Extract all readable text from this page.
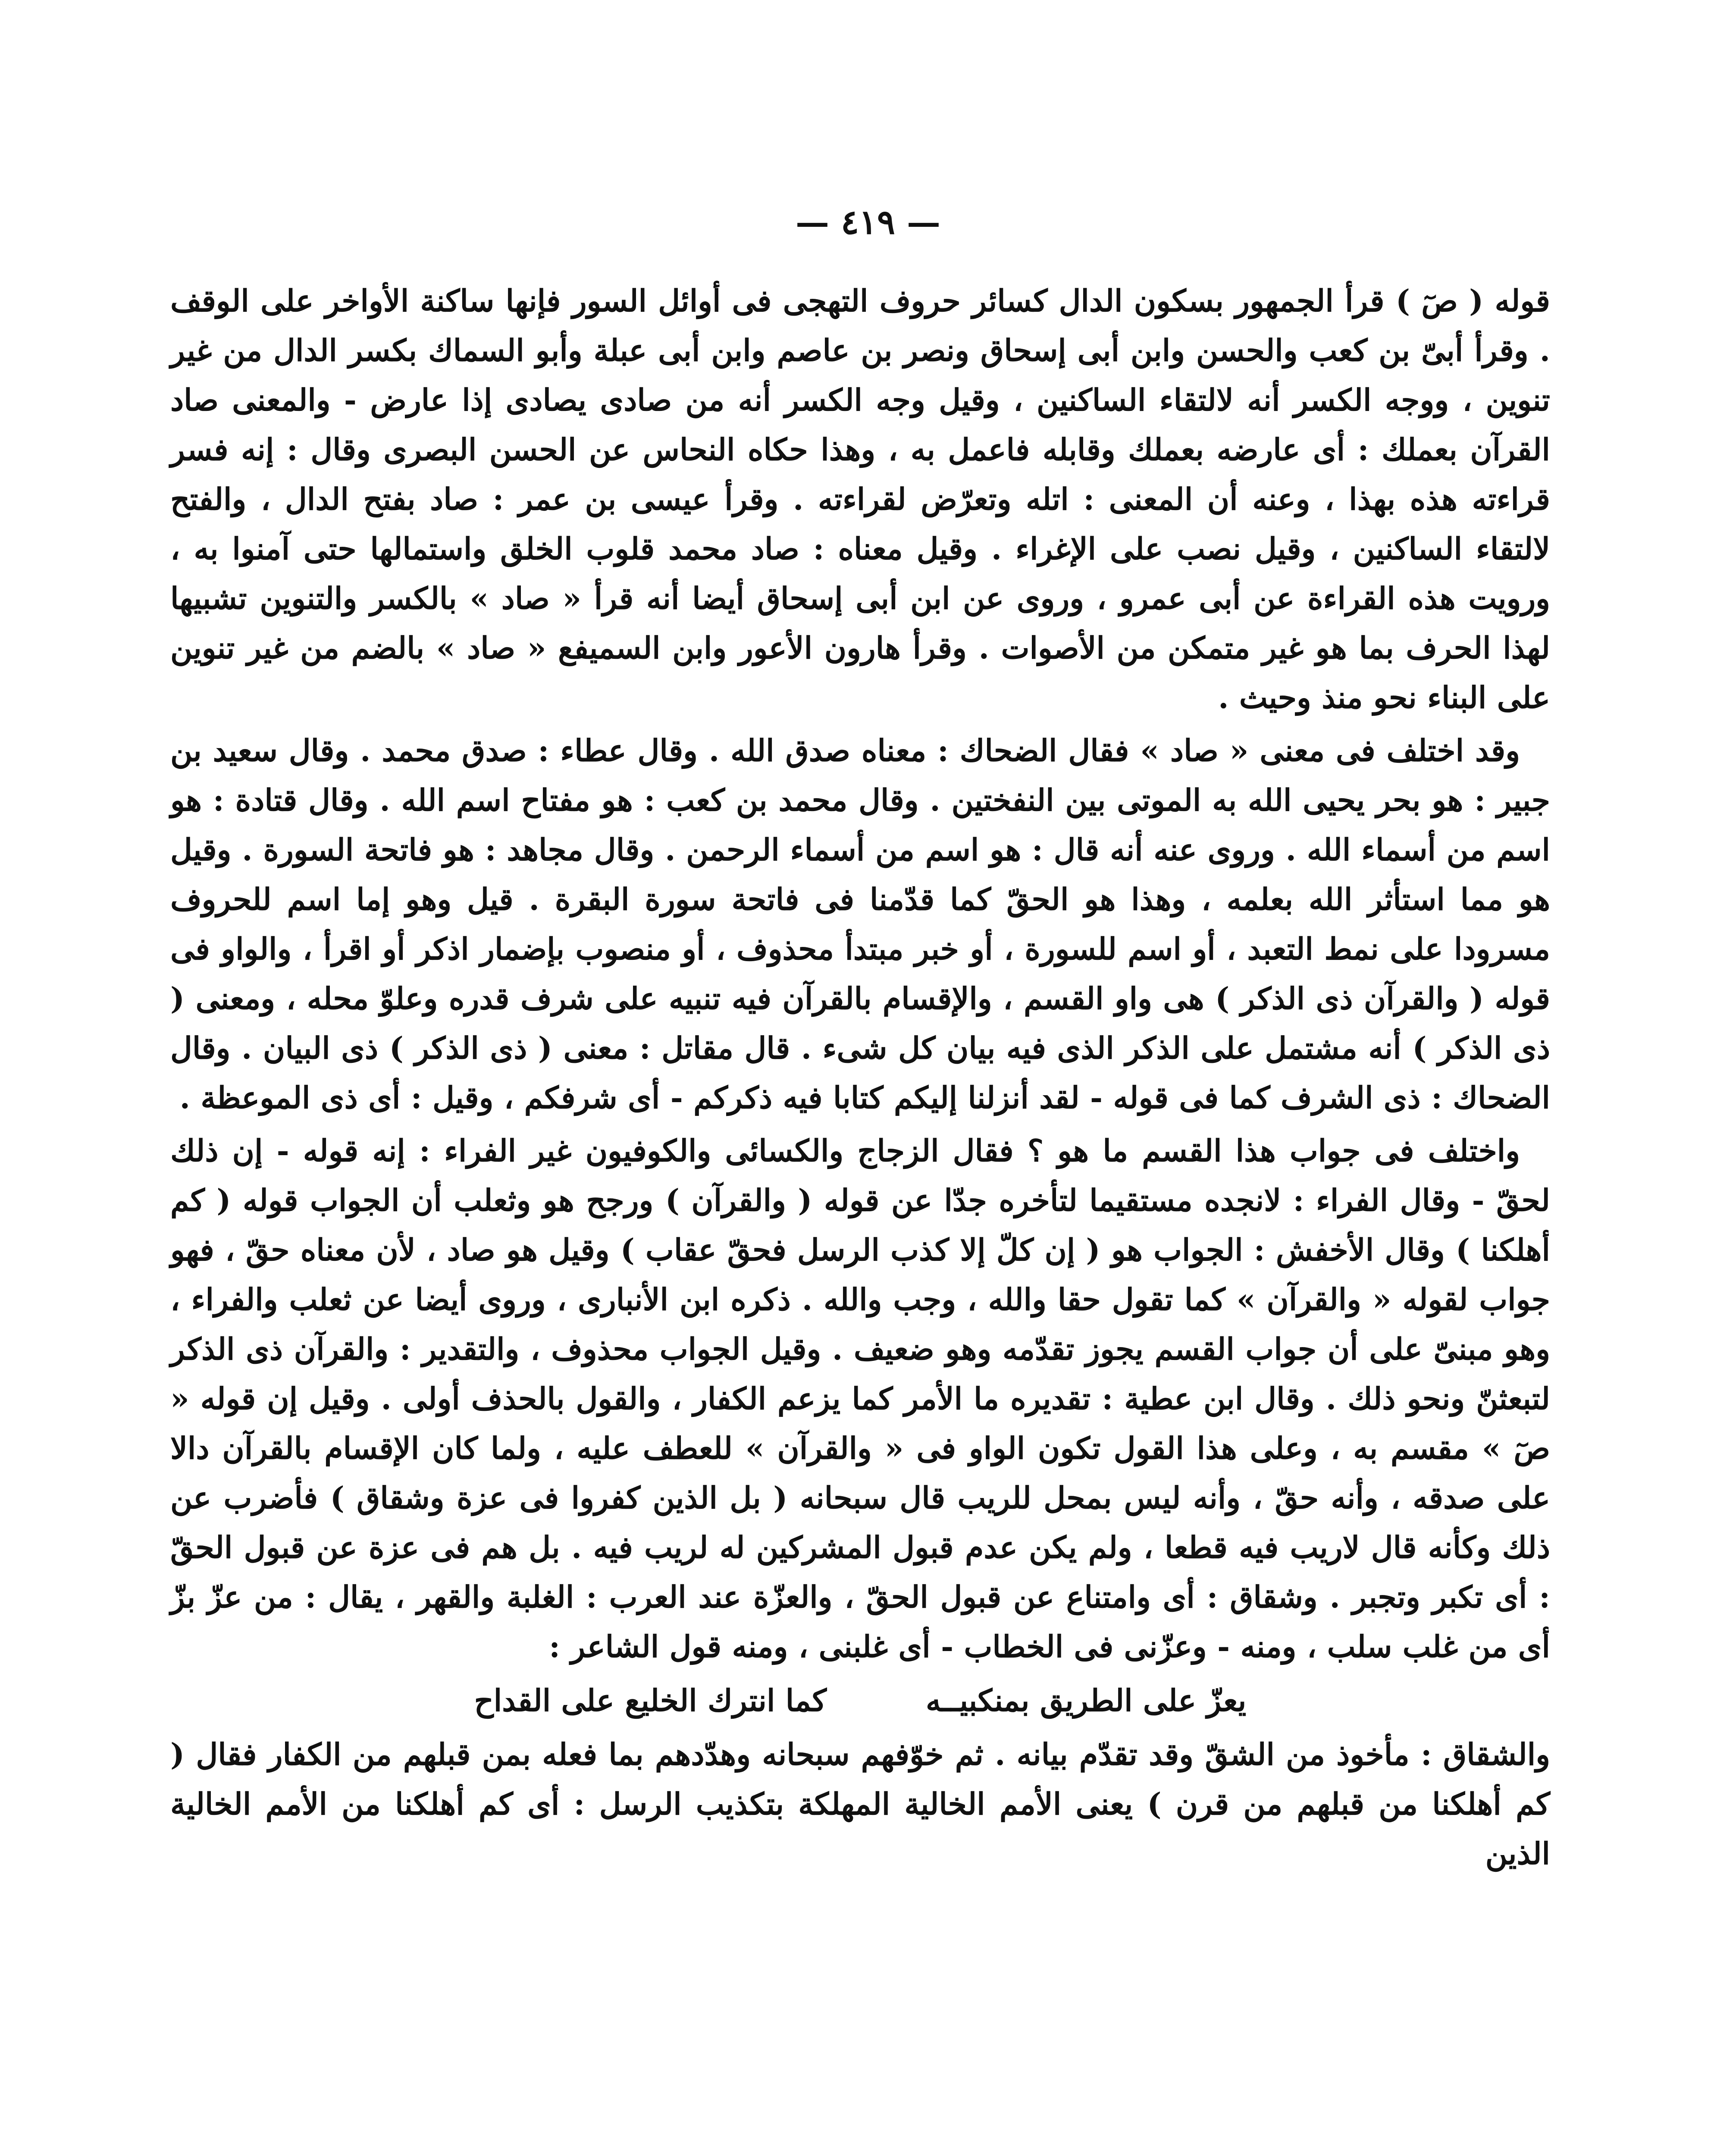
— ٤١٩ —

قوله ( صٓ ) قرأ الجمهور بسكون الدال كسائر حروف التهجى فى أوائل السور فإنها ساكنة الأواخر على الوقف . وقرأ أبىّ بن كعب والحسن وابن أبى إسحاق ونصر بن عاصم وابن أبى عبلة وأبو السماك بكسر الدال من غير تنوين ، ووجه الكسر أنه لالتقاء الساكنين ، وقيل وجه الكسر أنه من صادى يصادى إذا عارض - والمعنى صاد القرآن بعملك : أى عارضه بعملك وقابله فاعمل به ، وهذا حكاه النحاس عن الحسن البصرى وقال : إنه فسر قراءته هذه بهذا ، وعنه أن المعنى : اتله وتعرّض لقراءته . وقرأ عيسى بن عمر : صاد بفتح الدال ، والفتح لالتقاء الساكنين ، وقيل نصب على الإغراء . وقيل معناه : صاد محمد قلوب الخلق واستمالها حتى آمنوا به ، ورويت هذه القراءة عن أبى عمرو ، وروى عن ابن أبى إسحاق أيضا أنه قرأ « صاد » بالكسر والتنوين تشبيها لهذا الحرف بما هو غير متمكن من الأصوات . وقرأ هارون الأعور وابن السميفع « صاد » بالضم من غير تنوين على البناء نحو منذ وحيث .

وقد اختلف فى معنى « صاد » فقال الضحاك : معناه صدق الله . وقال عطاء : صدق محمد . وقال سعيد بن جبير : هو بحر يحيى الله به الموتى بين النفختين . وقال محمد بن كعب : هو مفتاح اسم الله . وقال قتادة : هو اسم من أسماء الله . وروى عنه أنه قال : هو اسم من أسماء الرحمن . وقال مجاهد : هو فاتحة السورة . وقيل هو مما استأثر الله بعلمه ، وهذا هو الحقّ كما قدّمنا فى فاتحة سورة البقرة . قيل وهو إما اسم للحروف مسرودا على نمط التعبد ، أو اسم للسورة ، أو خبر مبتدأ محذوف ، أو منصوب بإضمار اذكر أو اقرأ ، والواو فى قوله ( والقرآن ذى الذكر ) هى واو القسم ، والإقسام بالقرآن فيه تنبيه على شرف قدره وعلوّ محله ، ومعنى ( ذى الذكر ) أنه مشتمل على الذكر الذى فيه بيان كل شىء . قال مقاتل : معنى ( ذى الذكر ) ذى البيان . وقال الضحاك : ذى الشرف كما فى قوله - لقد أنزلنا إليكم كتابا فيه ذكركم - أى شرفكم ، وقيل : أى ذى الموعظة .

واختلف فى جواب هذا القسم ما هو ؟ فقال الزجاج والكسائى والكوفيون غير الفراء : إنه قوله - إن ذلك لحقّ - وقال الفراء : لانجده مستقيما لتأخره جدّا عن قوله ( والقرآن ) ورجح هو وثعلب أن الجواب قوله ( كم أهلكنا ) وقال الأخفش : الجواب هو ( إن كلّ إلا كذب الرسل فحقّ عقاب ) وقيل هو صاد ، لأن معناه حقّ ، فهو جواب لقوله « والقرآن » كما تقول حقا والله ، وجب والله . ذكره ابن الأنبارى ، وروى أيضا عن ثعلب والفراء ، وهو مبنىّ على أن جواب القسم يجوز تقدّمه وهو ضعيف . وقيل الجواب محذوف ، والتقدير : والقرآن ذى الذكر لتبعثنّ ونحو ذلك . وقال ابن عطية : تقديره ما الأمر كما يزعم الكفار ، والقول بالحذف أولى . وقيل إن قوله « صٓ » مقسم به ، وعلى هذا القول تكون الواو فى « والقرآن » للعطف عليه ، ولما كان الإقسام بالقرآن دالا على صدقه ، وأنه حقّ ، وأنه ليس بمحل للريب قال سبحانه ( بل الذين كفروا فى عزة وشقاق ) فأضرب عن ذلك وكأنه قال لاريب فيه قطعا ، ولم يكن عدم قبول المشركين له لريب فيه . بل هم فى عزة عن قبول الحقّ : أى تكبر وتجبر . وشقاق : أى وامتناع عن قبول الحقّ ، والعزّة عند العرب : الغلبة والقهر ، يقال : من عزّ بزّ أى من غلب سلب ، ومنه - وعزّنى فى الخطاب - أى غلبنى ، ومنه قول الشاعر :

يعزّ على الطريق بمنكبيــه
كما انترك الخليع على القداح

والشقاق : مأخوذ من الشقّ وقد تقدّم بيانه . ثم خوّفهم سبحانه وهدّدهم بما فعله بمن قبلهم من الكفار فقال ( كم أهلكنا من قبلهم من قرن ) يعنى الأمم الخالية المهلكة بتكذيب الرسل : أى كم أهلكنا من الأمم الخالية الذين
